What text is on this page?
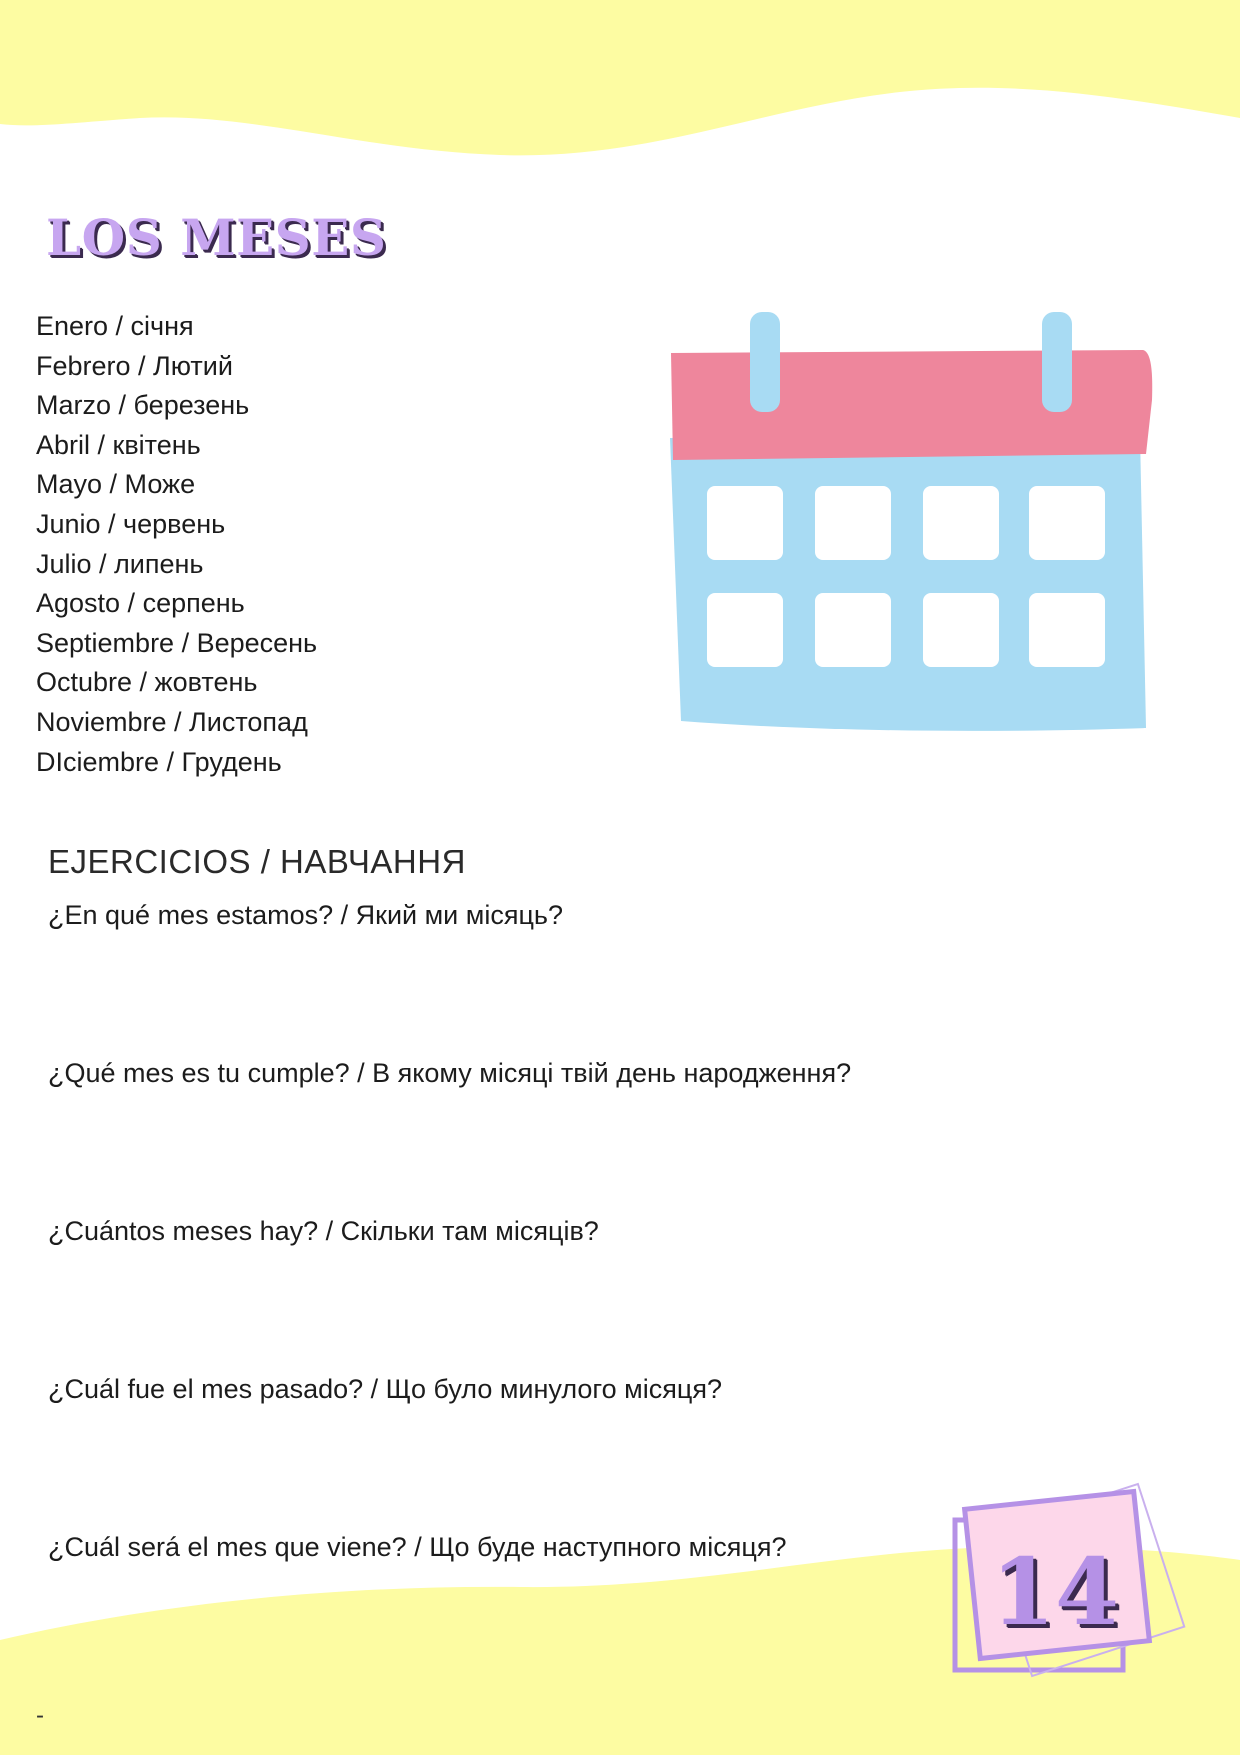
LOS MESES
Enero / січня
Febrero / Лютий
Marzo / березень
Abril / квітень
Mayo / Може
Junio / червень
Julio / липень
Agosto / серпень
Septiembre / Вересень
Octubre / жовтень
Noviembre / Листопад
DIciembre / Грудень
EJERCICIOS / НАВЧАННЯ
¿En qué mes estamos? / Який ми місяць?
¿Qué mes es tu cumple? / В якому місяці твій день народження?
¿Cuántos meses hay? / Скільки там місяців?
¿Cuál fue el mes pasado? / Що було минулого місяця?
¿Cuál será el mes que viene? / Що буде наступного місяця?	14
-
